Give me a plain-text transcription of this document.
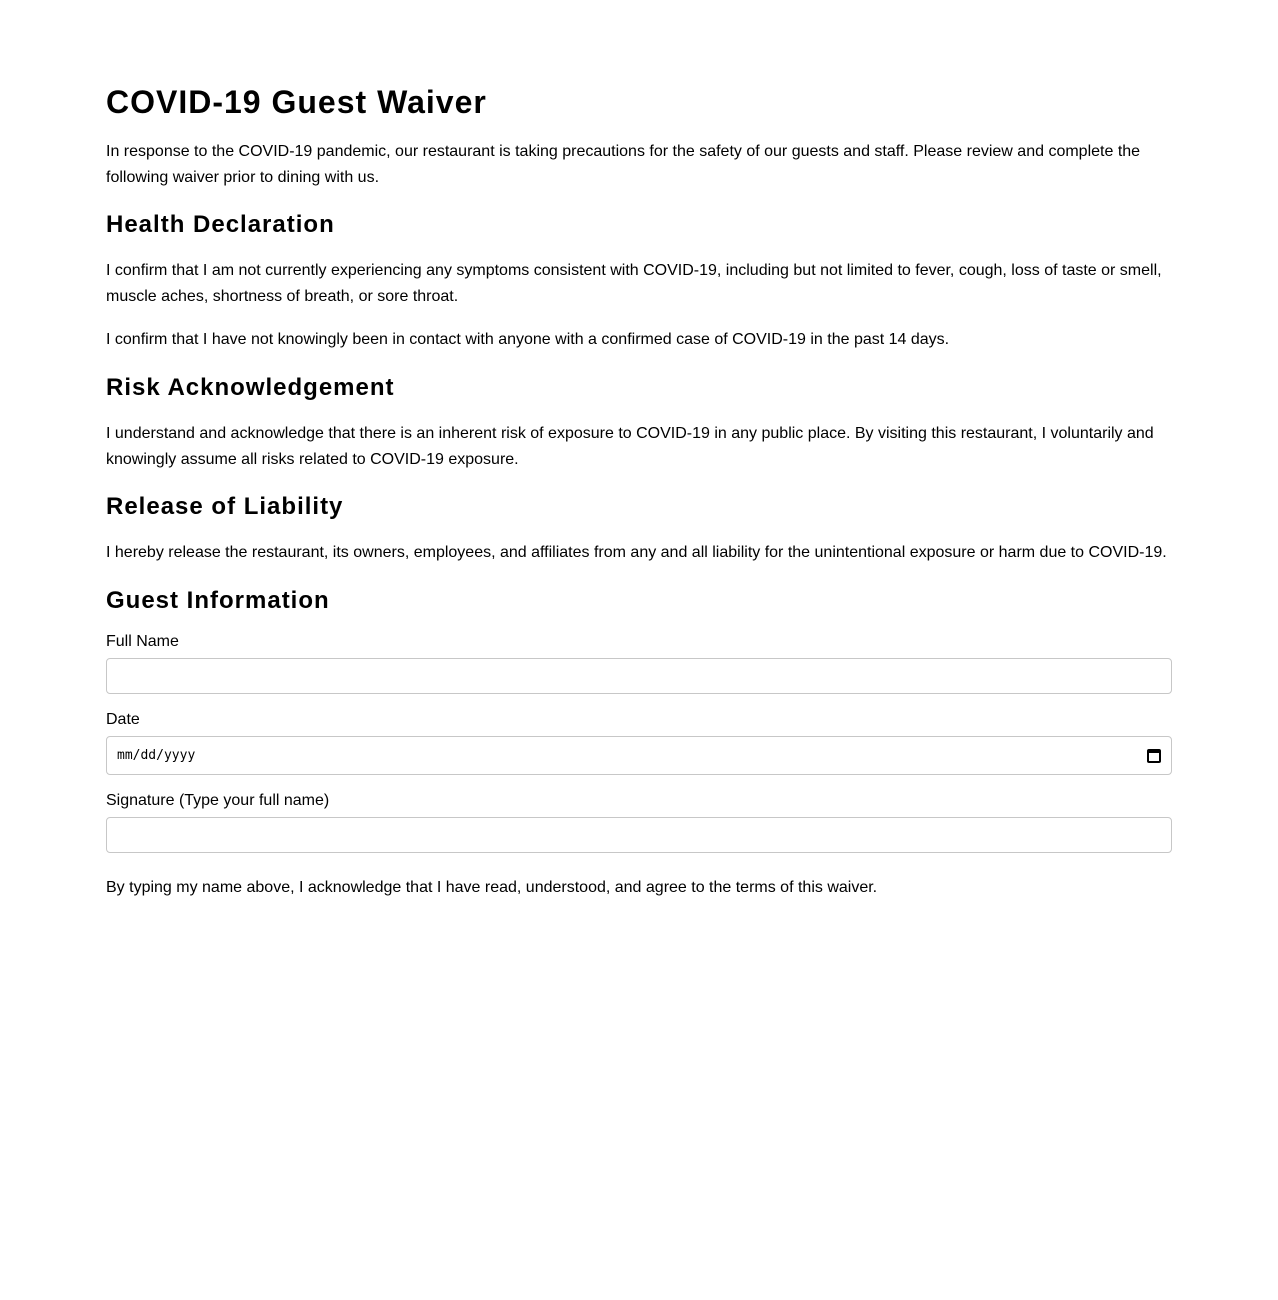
COVID-19 Guest Waiver

In response to the COVID-19 pandemic, our restaurant is taking precautions for the safety of our guests and staff. Please review and complete the following waiver prior to dining with us.

Health Declaration

I confirm that I am not currently experiencing any symptoms consistent with COVID-19, including but not limited to fever, cough, loss of taste or smell, muscle aches, shortness of breath, or sore throat.

I confirm that I have not knowingly been in contact with anyone with a confirmed case of COVID-19 in the past 14 days.

Risk Acknowledgement

I understand and acknowledge that there is an inherent risk of exposure to COVID-19 in any public place. By visiting this restaurant, I voluntarily and knowingly assume all risks related to COVID-19 exposure.

Release of Liability

I hereby release the restaurant, its owners, employees, and affiliates from any and all liability for the unintentional exposure or harm due to COVID-19.

Guest Information
Full Name
Date
mm/dd/yyyy
Signature (Type your full name)

By typing my name above, I acknowledge that I have read, understood, and agree to the terms of this waiver.
